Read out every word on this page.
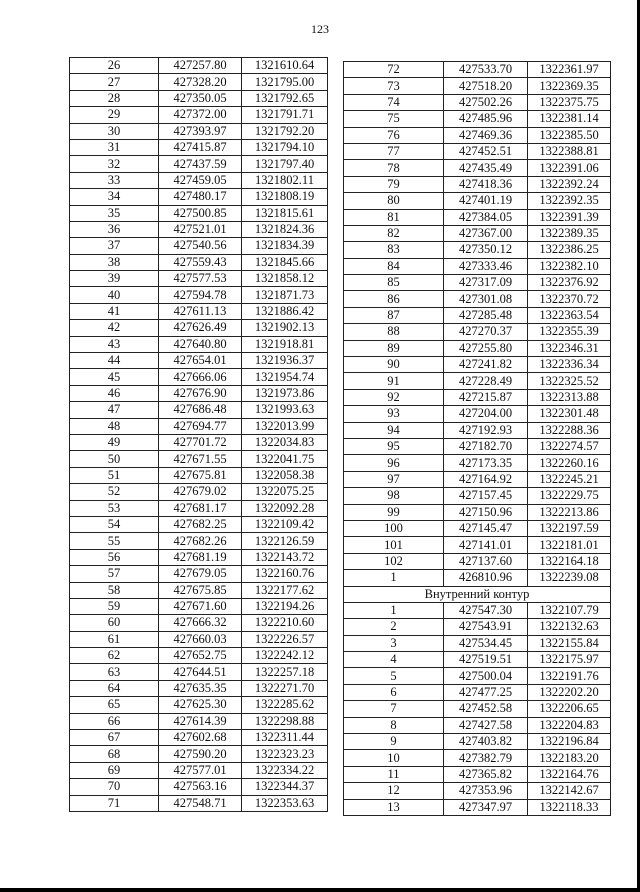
123
26	427257.80	1321610.64
27	427328.20	1321795.00
28	427350.05	1321792.65
29	427372.00	1321791.71
30	427393.97	1321792.20
31	427415.87	1321794.10
32	427437.59	1321797.40
33	427459.05	1321802.11
34	427480.17	1321808.19
35	427500.85	1321815.61
36	427521.01	1321824.36
37	427540.56	1321834.39
38	427559.43	1321845.66
39	427577.53	1321858.12
40	427594.78	1321871.73
41	427611.13	1321886.42
42	427626.49	1321902.13
43	427640.80	1321918.81
44	427654.01	1321936.37
45	427666.06	1321954.74
46	427676.90	1321973.86
47	427686.48	1321993.63
48	427694.77	1322013.99
49	427701.72	1322034.83
50	427671.55	1322041.75
51	427675.81	1322058.38
52	427679.02	1322075.25
53	427681.17	1322092.28
54	427682.25	1322109.42
55	427682.26	1322126.59
56	427681.19	1322143.72
57	427679.05	1322160.76
58	427675.85	1322177.62
59	427671.60	1322194.26
60	427666.32	1322210.60
61	427660.03	1322226.57
62	427652.75	1322242.12
63	427644.51	1322257.18
64	427635.35	1322271.70
65	427625.30	1322285.62
66	427614.39	1322298.88
67	427602.68	1322311.44
68	427590.20	1322323.23
69	427577.01	1322334.22
70	427563.16	1322344.37
71	427548.71	1322353.63
72	427533.70	1322361.97
73	427518.20	1322369.35
74	427502.26	1322375.75
75	427485.96	1322381.14
76	427469.36	1322385.50
77	427452.51	1322388.81
78	427435.49	1322391.06
79	427418.36	1322392.24
80	427401.19	1322392.35
81	427384.05	1322391.39
82	427367.00	1322389.35
83	427350.12	1322386.25
84	427333.46	1322382.10
85	427317.09	1322376.92
86	427301.08	1322370.72
87	427285.48	1322363.54
88	427270.37	1322355.39
89	427255.80	1322346.31
90	427241.82	1322336.34
91	427228.49	1322325.52
92	427215.87	1322313.88
93	427204.00	1322301.48
94	427192.93	1322288.36
95	427182.70	1322274.57
96	427173.35	1322260.16
97	427164.92	1322245.21
98	427157.45	1322229.75
99	427150.96	1322213.86
100	427145.47	1322197.59
101	427141.01	1322181.01
102	427137.60	1322164.18
1	426810.96	1322239.08
Внутренний контур		
1	427547.30	1322107.79
2	427543.91	1322132.63
3	427534.45	1322155.84
4	427519.51	1322175.97
5	427500.04	1322191.76
6	427477.25	1322202.20
7	427452.58	1322206.65
8	427427.58	1322204.83
9	427403.82	1322196.84
10	427382.79	1322183.20
11	427365.82	1322164.76
12	427353.96	1322142.67
13	427347.97	1322118.33
